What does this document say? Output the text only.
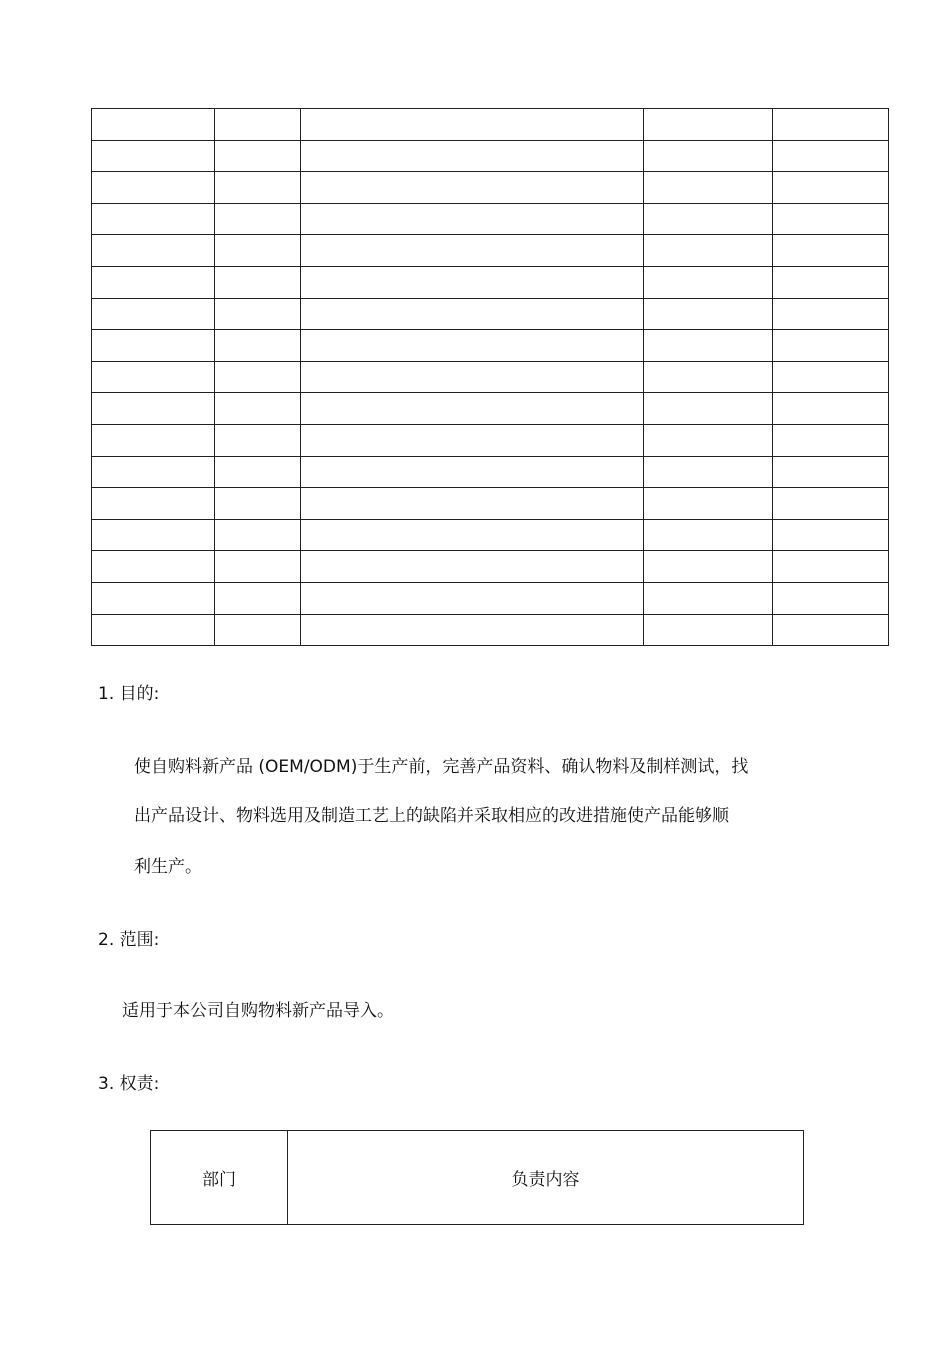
1. 目的:
使自购料新产品 (OEM/ODM)于生产前，完善产品资料、确认物料及制样测试，找
出产品设计、物料选用及制造工艺上的缺陷并采取相应的改进措施使产品能够顺
利生产。
2. 范围:
适用于本公司自购物料新产品导入。
3. 权责:
部门	负责内容
